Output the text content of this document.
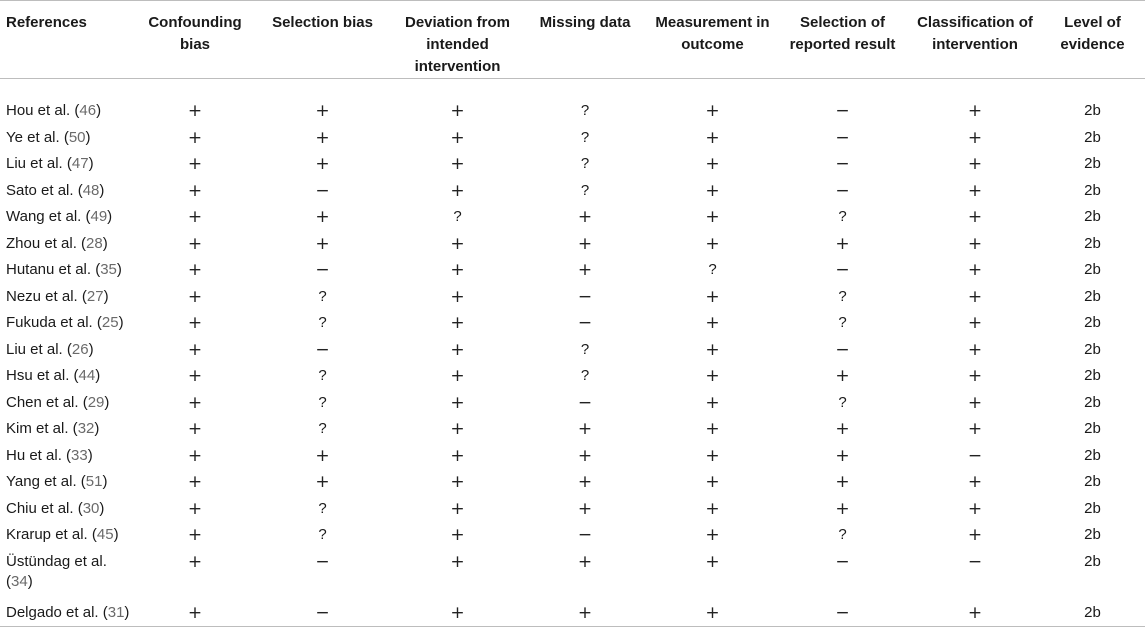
References	Confounding bias	Selection bias	Deviation from intended intervention	Missing data	Measurement in outcome	Selection of reported result	Classification of intervention	Level of evidence

Hou et al. (46)	+	+	+	?	+	−	+	2b
Ye et al. (50)	+	+	+	?	+	−	+	2b
Liu et al. (47)	+	+	+	?	+	−	+	2b
Sato et al. (48)	+	−	+	?	+	−	+	2b
Wang et al. (49)	+	+	?	+	+	?	+	2b
Zhou et al. (28)	+	+	+	+	+	+	+	2b
Hutanu et al. (35)	+	−	+	+	?	−	+	2b
Nezu et al. (27)	+	?	+	−	+	?	+	2b
Fukuda et al. (25)	+	?	+	−	+	?	+	2b
Liu et al. (26)	+	−	+	?	+	−	+	2b
Hsu et al. (44)	+	?	+	?	+	+	+	2b
Chen et al. (29)	+	?	+	−	+	?	+	2b
Kim et al. (32)	+	?	+	+	+	+	+	2b
Hu et al. (33)	+	+	+	+	+	+	−	2b
Yang et al. (51)	+	+	+	+	+	+	+	2b
Chiu et al. (30)	+	?	+	+	+	+	+	2b
Krarup et al. (45)	+	?	+	−	+	?	+	2b
Üstündag et al. (34)	+	−	+	+	+	−	−	2b
Delgado et al. (31)	+	−	+	+	+	−	+	2b
